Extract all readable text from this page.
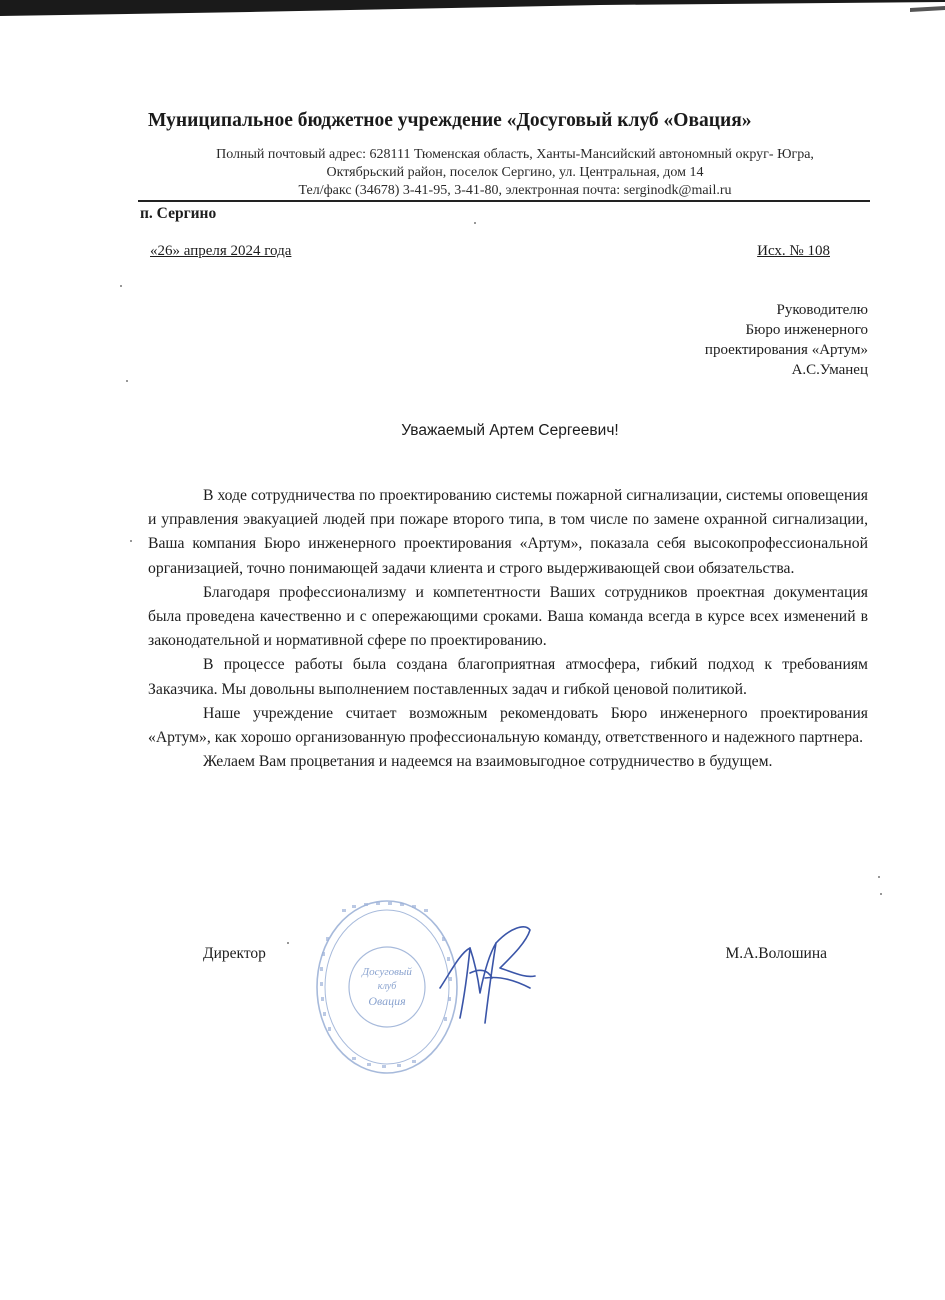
Муниципальное бюджетное учреждение «Досуговый клуб «Овация»
Полный почтовый адрес: 628111 Тюменская область, Ханты-Мансийский автономный округ- Югра,
Октябрьский район, поселок Сергино, ул. Центральная, дом 14
Тел/факс (34678) 3-41-95, 3-41-80, электронная почта: serginodk@mail.ru
п. Сергино
«26» апреля 2024 года	Исх. № 108
Руководителю
Бюро инженерного
проектирования «Артум»
А.С.Уманец
Уважаемый Артем Сергеевич!

В ходе сотрудничества по проектированию системы пожарной сигнализации, системы оповещения и управления эвакуацией людей при пожаре второго типа, в том числе по замене охранной сигнализации, Ваша компания Бюро инженерного проектирования «Артум», показала себя высокопрофессиональной организацией, точно понимающей задачи клиента и строго выдерживающей свои обязательства.

Благодаря профессионализму и компетентности Ваших сотрудников проектная документация была проведена качественно и с опережающими сроками. Ваша команда всегда в курсе всех изменений в законодательной и нормативной сфере по проектированию.

В процессе работы была создана благоприятная атмосфера, гибкий подход к требованиям Заказчика. Мы довольны выполнением поставленных задач и гибкой ценовой политикой.

Наше учреждение считает возможным рекомендовать Бюро инженерного проектирования «Артум», как хорошо организованную профессиональную команду, ответственного и надежного партнера.

Желаем Вам процветания и надеемся на взаимовыгодное сотрудничество в будущем.

Директор	М.А.Волошина
Досуговый
клуб
Овация
